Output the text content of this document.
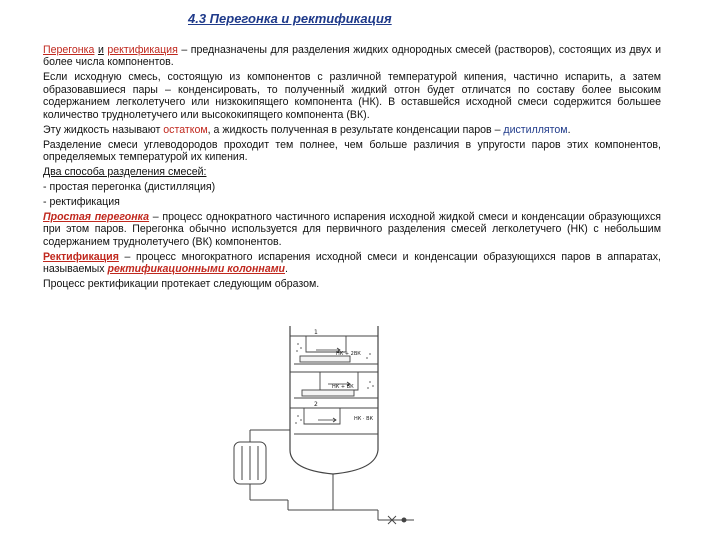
4.3 Перегонка и ректификация

Перегонка и ректификация – предназначены для разделения жидких однородных смесей (растворов), состоящих из двух и более числа компонентов.

Если исходную смесь, состоящую из компонентов с различной температурой кипения, частично испарить, а затем образовавшиеся пары – конденсировать, то полученный жидкий отгон будет отличатся по составу более высоким содержанием легколетучего или низкокипящего компонента (НК). В оставшейся исходной смеси содержится большее количество труднолетучего или высококипящего компонента (ВК).

Эту жидкость называют остатком, а жидкость полученная в результате конденсации паров – дистиллятом.

Разделение смеси углеводородов проходит тем полнее, чем больше различия в упругости паров этих компонентов, определяемых температурой их кипения.

Два способа разделения смесей:

- простая перегонка (дистилляция)

- ректификация

Простая перегонка – процесс однократного частичного испарения исходной жидкой смеси и конденсации образующихся при этом паров. Перегонка обычно используется для первичного разделения смесей легколетучего (НК) с небольшим содержанием труднолетучего (ВК) компонентов.

Ректификация – процесс многократного испарения исходной смеси и конденсации образующихся паров в аппаратах, называемых ректификационными колоннами.

Процесс ректификации протекает следующим образом.

НК + 2ВК
НК + ВК
НК · ВК
1
2
